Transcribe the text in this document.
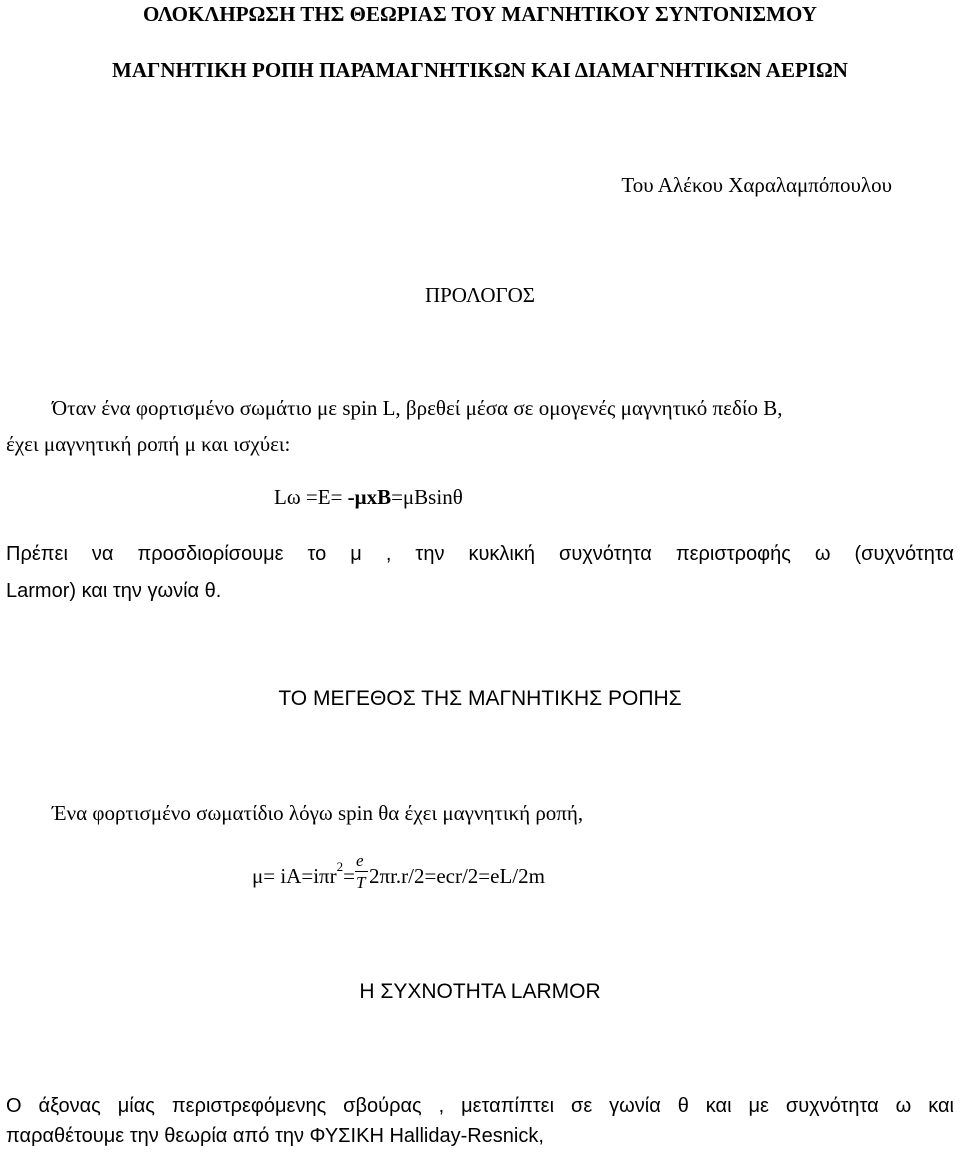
ΟΛΟΚΛΗΡΩΣΗ ΤΗΣ ΘΕΩΡΙΑΣ ΤΟΥ ΜΑΓΝΗΤΙΚΟΥ ΣΥΝΤΟΝΙΣΜΟΥ
ΜΑΓΝΗΤΙΚΗ ΡΟΠΗ ΠΑΡΑΜΑΓΝΗΤΙΚΩΝ ΚΑΙ ΔΙΑΜΑΓΝΗΤΙΚΩΝ ΑΕΡΙΩΝ
Του Αλέκου Χαραλαμπόπουλου
ΠΡΟΛΟΓΟΣ
Όταν ένα φορτισμένο σωμάτιο με spin L, βρεθεί μέσα σε ομογενές μαγνητικό πεδίο B,
έχει μαγνητική ροπή μ και ισχύει:
Lω =E= -μxB=μBsinθ
Πρέπει να προσδιορίσουμε το μ , την κυκλική συχνότητα περιστροφής ω (συχνότητα
Larmor) και την γωνία θ.
ΤΟ ΜΕΓΕΘΟΣ ΤΗΣ ΜΑΓΝΗΤΙΚΗΣ ΡΟΠΗΣ
Ένα φορτισμένο σωματίδιο λόγω spin θα έχει μαγνητική ροπή,
$\mu= iA=i\pi r^2= \frac{e}{T} 2\pi r.r/2=ecr/2=eL/2m$
Η ΣΥΧΝΟΤΗΤΑ LARMOR
Ο άξονας μίας περιστρεφόμενης σβούρας , μεταπίπτει σε γωνία θ και με συχνότητα ω και
παραθέτουμε την θεωρία από την ΦΥΣΙΚΗ Halliday-Resnick,
